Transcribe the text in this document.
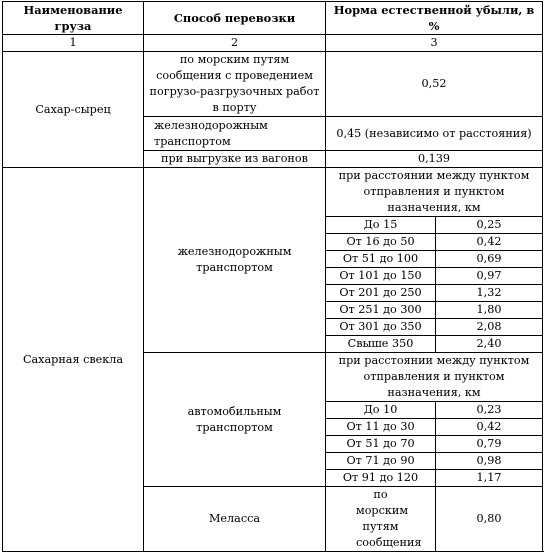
Наименование груза	Способ перевозки	Норма естественной убыли, в %	
1	2	3	
Сахар-сырец	по морским путям сообщения с проведением погрузо-разгрузочных работ в порту	0,52	
	железнодорожным транспортом	0,45 (независимо от расстояния)	
	при выгрузке из вагонов	0,139	
Сахарная свекла	железнодорожным транспортом	при расстоянии между пунктом отправления и пунктом назначения, км	
		До 15	0,25
		От 16 до 50	0,42
		От 51 до 100	0,69
		От 101 до 150	0,97
		От 201 до 250	1,32
		От 251 до 300	1,80
		От 301 до 350	2,08
		Свыше 350	2,40
	автомобильным транспортом	при расстоянии между пунктом отправления и пунктом назначения, км	
		До 10	0,23
		От 11 до 30	0,42
		От 51 до 70	0,79
		От 71 до 90	0,98
		От 91 до 120	1,17
	Меласса	по морским путям сообщения	0,80
